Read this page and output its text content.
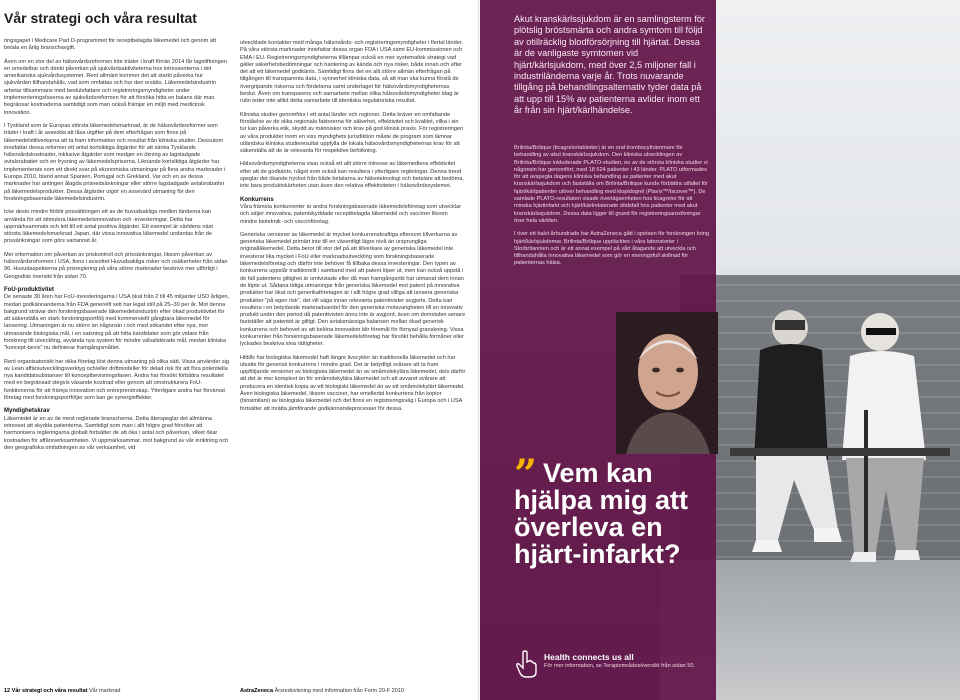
Vår strategi och våra resultat

ringsgapet i Medicare Part D-programmet för receptbelagda läkemedel och genom att betala en årlig branschavgift.

Även om en stor del av hälsovårdsreformen inte träder i kraft förrän 2014 får lagstiftningen en omedelbar och direkt påverkan på sjukvårdsaktiviteterna hos intressenterna i det amerikanska sjukvårdssystemet. Rent allmänt kommer det att starkt påverka hur sjukvården tillhandahålls, vad som omfattas och hur den ersätts. Läkemedelsindustrin arbetar tillsammans med beslutsfattare och registreringsmyndigheter under implementeringsfaserna av sjukvårdsreformen för att försöka hitta en balans där man begränsar kostnaderna samtidigt som man också främjar en miljö med medicinsk innovation.

I Tyskland som är Europas största läkemedelsmarknad, är de hälsovårdsreformer som träder i kraft i år avsedda att låsa utgifter på dem efterfrågan som finns på läkemedelstillverkarna att ta fram information och resultat från kliniska studier. Dessutom innefattar dessa reformer ett antal kortsiktiga åtgärder för att sänka Tysklands hälsovårdskostnader, inklusive åtgärder som medger en ökning av lagstadgade avtalsrabatter och en frysning av läkemedelspriserna. Liknande kortsiktiga åtgärder har implementerats som ett direkt svar på ekonomiska utmaningar på flera andra marknader i Europa 2010, bland annat Spanien, Portugal och Grekland. Var och en av dessa marknader har antingen ålagda prisnedsänkningar eller större lagstadgade avtalsrabatter på läkemedelsprodukter. Dessa åtgärder utgör en avsevärd utmaning för den forskningsbaserade läkemedelsindustrin.

Icke desto mindre förblir prissättningen ett av de huvudsakliga medlen länderna kan använda för att stimulera läkemedelsinnovation och -investeringar. Detta har uppmärksammats och lett till ett antal positiva åtgärder. Ett exempel är världens näst största läkemedelsmarknad Japan, där vissa innovativa läkemedel undantas från de prissänkningar som görs vartannat år.

Mer information om påverkan av priskontroll och prissänkningar, liksom påverkan av hälsovårdsreformen i USA, finns i avsnittet Huvudsakliga risker och osäkerheter från sidan 96. Huvudaspekterna på prisreglering på våra större marknader beskrivs mer utförligt i Geografisk översikt från sidan 70.

FoU-produktivitet

De senaste 30 åren har FoU-investeringarna i USA ökat från 2 till 45 miljarder USD årligen, medan godkännanderna från FDA generellt sett har legat still på 25–30 per år. Mot denna bakgrund strävar den forskningsbaserade läkemedelsindustrin efter ökad produktivitet för att säkerställa en stark forskningsportfölj med kommersiellt gångbara läkemedel för lansering. Utmaningen är nu större än någonsin i och med sökandet efter nya, mer utmanande biologiska mål, i en satsning på att hitta kandidater som gör vidare från forskning till utveckling, avvända nya system för mindre välvalidérade mål, medan kliniska "koncept-bevis" nu definierar framgångsmåttet.

Rent organisatoriskt har olika företag löst denna utmaning på olika sätt. Vissa använder sig av Lean affärsutvecklingsverktyg och/eller driftmodeller för delad risk för att föra potentiella nya kandidatsubstanser till konceptbevisningsfasen. Andra har försökt förbättra resultatet med en begränsad stegvis växande kostnad eller genom att omstrukturera FoU-funktionerna för att främja innovation och entreprenörskap. Ytterligare andra har förvärvat företag med forskningsportföljer som kan ge synergieffekter.

Myndighetskrav

Läkemedel är en av de mest reglerade branscherna. Detta återspeglar det allmänna intresset att skydda patienterna. Samtidigt som man i allt högre grad försöker att harmonisera regleringarna globalt fortsätter de att öka i antal och påverkan, vilket ökar kostnaden för affärsverksamheten. Vi uppmärksammar, mot bakgrund av vår inriktning och den geografiska omfattningen av vår verksamhet, vid

utvecklade kontakter med många hälsovårds- och registreringsmyndigheter i flertal länder. På våra största marknader innefattar dessa organ FDA i USA samt EU-kommissionen och EMA i EU. Registreringsmyndigheterna tillämpar också en mer systematisk strategi vad gäller säkerhetsbedömningar och hantering av kända och nya risker, både innan och efter det att ett läkemedel godkänts. Samtidigt finns det en allt större allmän efterfrågan på tillgången till transparenta data, i synnerhet kliniska data, så att man ska kunna förstå de övergripande riskerna och fördelarna samt underlaget för hälsovårdsmyndigheternas beslut. Även om transparens och samarbete mellan olika hälsovårdsmyndigheter idag är rutin leder inte alltid detta samarbete till identiska regulatoriska resultat.

Kliniska studier genomförs i ett antal länder och regioner. Detta kräver en omfattande förståelse av de olika regionala faktorerna för säkerhet, effektivitet och kvalitet, vilka i sin tur kan påverka etik, skydd av människor och krav på god klinisk praxis. För registreringen av våra produkter inom en viss myndighets jurisdiktion måste de program som lämnar utländska kliniska studieresultat uppfylla de lokala hälsovårdsmyndigheternas krav för att säkerställa att de är relevanta för respektive befolkning.

Hälsovårdsmyndigheterna visar också ett allt större intresse av läkemedlens effektivitet efter att de godkänts, något som också kan resultera i ytterligare regleringar. Denna trend speglar det ökande trycket från både betalarna av hälsoteknologi och betalare att bedöma, inte bara produktskärheten utan även den relativa effektiviteten i hälsovårdssystemet.

Konkurrens

Våra främsta konkurrenter är andra forskningsbaserade läkemedelsföretag som utvecklar och säljer innovativa, patentskyddade receptbelagda läkemedel och vacciner liksom mindre bioteknik- och vaccinföretag.

Generiska versioner av läkemedel är mycket konkurrenskraftiga eftersom tillverkarna av generiska läkemedel primärt inte till en väsentligt lägre nivå än ursprungliga originalläkemedel. Detta beror till stor del på att tillverkare av generiska läkemedel inte investerar lika mycket i FoU eller marknadsutveckling som forskningsbaserade läkemedelsföretag och därför inte behöver få tillbaka dessa investeringar. Den typen av konkurrens uppstår traditionellt i samband med att patent löper ut, men kan också uppstå i de fall patentens giltighet är omtvistade eller då man framgångsrikt har utmanat dem innan de löpte ut. Sådana tidiga utmaningar från generiska läkemedel mot patent på innovativa produkter har ökat och generikaföretagen är i allt högre grad villiga att lansera generiska produkter "på egen risk", det vill säga innan relevanta patenttvister avgjorts. Detta kan resultera i en betydande marknadsandel för den generiska motsvarigheten till en innovativ produkt under den period då patenttvisten ännu inte är avgjord, även om domstolen senare fastställer att patentet är giltigt. Den avtalsmässiga balansen mellan ökad generisk konkurrens och behovet av att belöna innovation blir föremål för förnyad granskning. Vissa konkurrenter från forskningsbaserade läkemedelsföretag har försökt behålla förmåner eller lyckades beskriva sina rättigheter.

Hittills har biologiska läkemedel haft längre livscykler än traditionella läkemedel och har utsatts för generisk konkurrens i mindre grad. Det är betydligt svårare att ta fram uppföljande versioner av biologiska läkemedel än av småmolekylära läkemedel, dels därför att det är mer komplext än för småmolekylära läkemedel och att avvaret svårare att producera en identisk kopia av ett biologiskt läkemedel än av ett småmolekylärt läkemedel. Även biologiska läkemedel, liksom vacciner, har emellertid konkurrens från kopior (biosimilars) av biologiska läkemedel och det finns en registreringsväg i Europa och i USA fortsätter att inrätta jämförande godkännandeprocesser för dessa.

12 Vår strategi och våra resultat Vår marknad	AstraZeneca Årsredovisning med information från Form 20-F 2010
Akut kranskärlssjukdom är en samlingsterm för plötslig bröstsmärta och andra symtom till följd av otillräcklig blodförsörjning till hjärtat. Dessa är de vanligaste symtomen vid hjärt/kärlsjukdom, med över 2,5 miljoner fall i industriländerna varje år. Trots nuvarande tillgång på behandlingsalternativ tyder data på att upp till 15% av patienterna avlider inom ett år från sin hjärt/kärlhändelse.

Brilinta/Brilique (ticagrelortabletter) är en oral trombocythämmare för behandling av akut kranskärlssjukdom. Den kliniska utvecklingen av Brilinta/Brilique inkluderade PLATO-studien, en av de största kliniska studier vi någonsin har genomfört, med 18 624 patienter i 43 länder. PLATO utformades för att avspegla dagens kliniska behandling av patienter med akut kranskärlssjukdom och fastställa om Brilinta/Brilique kunde förbättra utfallet för hjärt/kärlpatienter utöver behandling med klopidogrel (Plavix™/Iscover™). De samlade PLATO-resultaten visade överlägsenheten hos ticagrelor för att minska hjärtinfarkt och hjärt/kärlrelaterade dödsfall hos patienter med akut kranskärlssjukdom. Dessa data ligger till grund för registreringsansökningar över hela världen.

I över ett halvt århundrade har AstraZeneca gått i spetsen för forskningen kring hjärt/kärlsjukdomar. Brilinta/Brilique upptäcktes i våra laboratorier i Storbritannien och är ett annat exempel på vårt åtagande att utveckla och tillhandahålla innovativa läkemedel som gör en meningsfull skillnad för patienternas hälsa.

” Vem kan hjälpa mig att överleva en hjärt-infarkt?
Health connects us all
För mer information, se Terapiområdesöversikt från sidan 50.
